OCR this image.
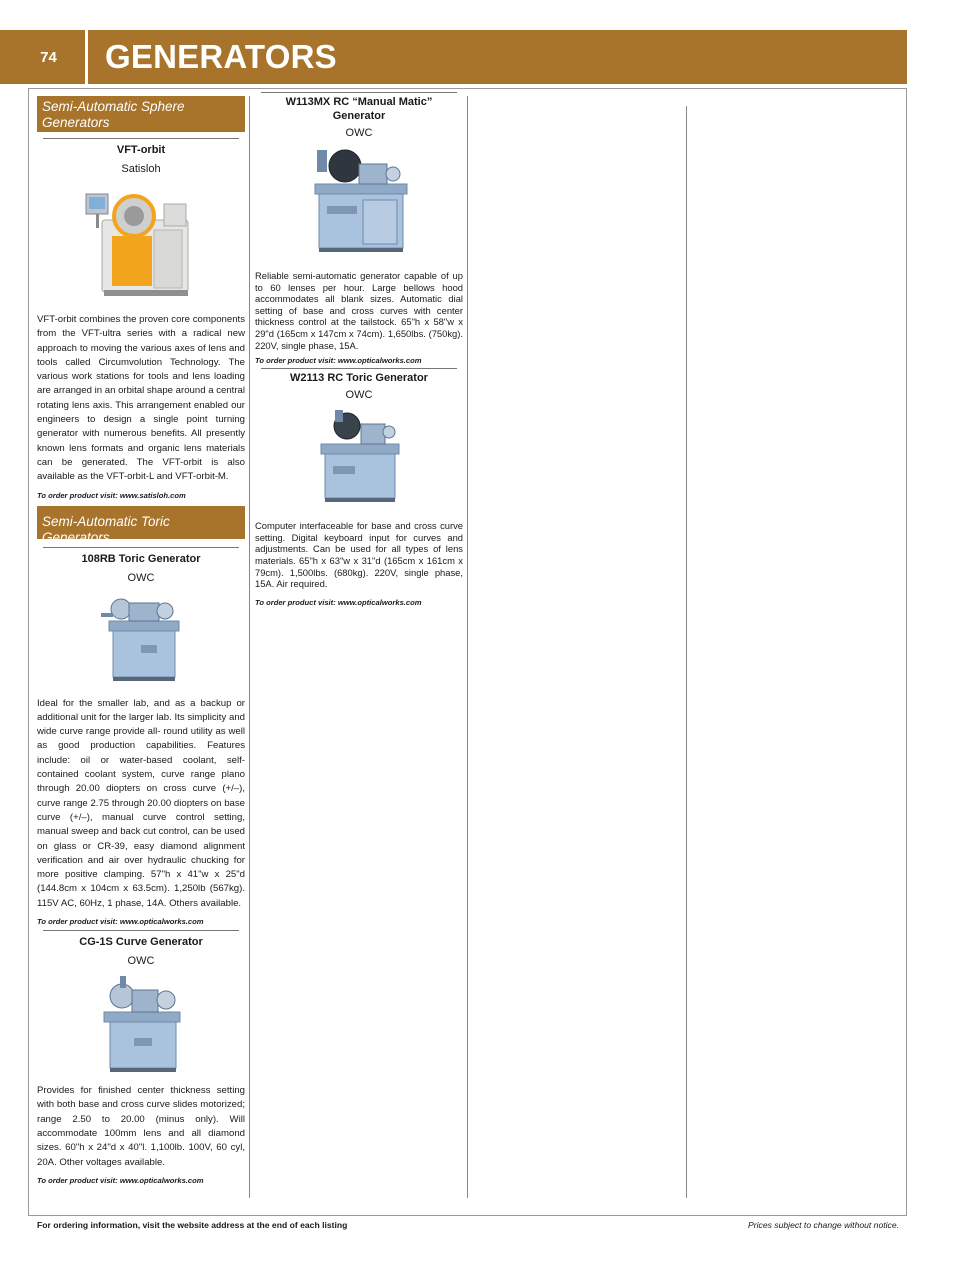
74	GENERATORS
Semi-Automatic Sphere Generators
VFT-orbit
Satisloh
VFT-orbit combines the proven core components from the VFT-ultra series with a radical new approach to moving the various axes of lens and tools called Circumvolution Technology. The various work stations for tools and lens loading are arranged in an orbital shape around a central rotating lens axis. This arrangement enabled our engineers to design a single point turning generator with numerous benefits. All presently known lens formats and organic lens materials can be generated. The VFT-orbit is also available as the VFT-orbit-L and VFT-orbit-M.
To order product visit: www.satisloh.com
Semi-Automatic Toric Generators
108RB Toric Generator
OWC
Ideal for the smaller lab, and as a backup or additional unit for the larger lab. Its simplicity and wide curve range provide all- round utility as well as good production capabilities. Features include: oil or water-based coolant, self-contained coolant system, curve range plano through 20.00 diopters on cross curve (+/–), curve range 2.75 through 20.00 diopters on base curve (+/–), manual curve control setting, manual sweep and back cut control, can be used on glass or CR-39, easy diamond alignment verification and air over hydraulic chucking for more positive clamping. 57"h x 41"w x 25"d (144.8cm x 104cm x 63.5cm). 1,250lb (567kg). 115V AC, 60Hz, 1 phase, 14A. Others available.
To order product visit: www.opticalworks.com
CG-1S Curve Generator
OWC
Provides for finished center thickness setting with both base and cross curve slides motorized; range 2.50 to 20.00 (minus only). Will accommodate 100mm lens and all diamond sizes. 60"h x 24"d x 40"l. 1,100lb. 100V, 60 cyl, 20A. Other voltages available.
To order product visit: www.opticalworks.com
W113MX RC “Manual Matic” Generator
OWC
Reliable semi-automatic generator capable of up to 60 lenses per hour. Large bellows hood accommodates all blank sizes. Automatic dial setting of base and cross curves with center thickness control at the tailstock. 65"h x 58"w x 29"d (165cm x 147cm x 74cm). 1,650lbs. (750kg). 220V, single phase, 15A.
To order product visit: www.opticalworks.com
W2113 RC Toric Generator
OWC
Computer interfaceable for base and cross curve setting. Digital keyboard input for curves and adjustments. Can be used for all types of lens materials. 65"h x 63"w x 31"d (165cm x 161cm x 79cm). 1,500lbs. (680kg). 220V, single phase, 15A. Air required.
To order product visit: www.opticalworks.com
For ordering information, visit the website address at the end of each listing	Prices subject to change without notice.
